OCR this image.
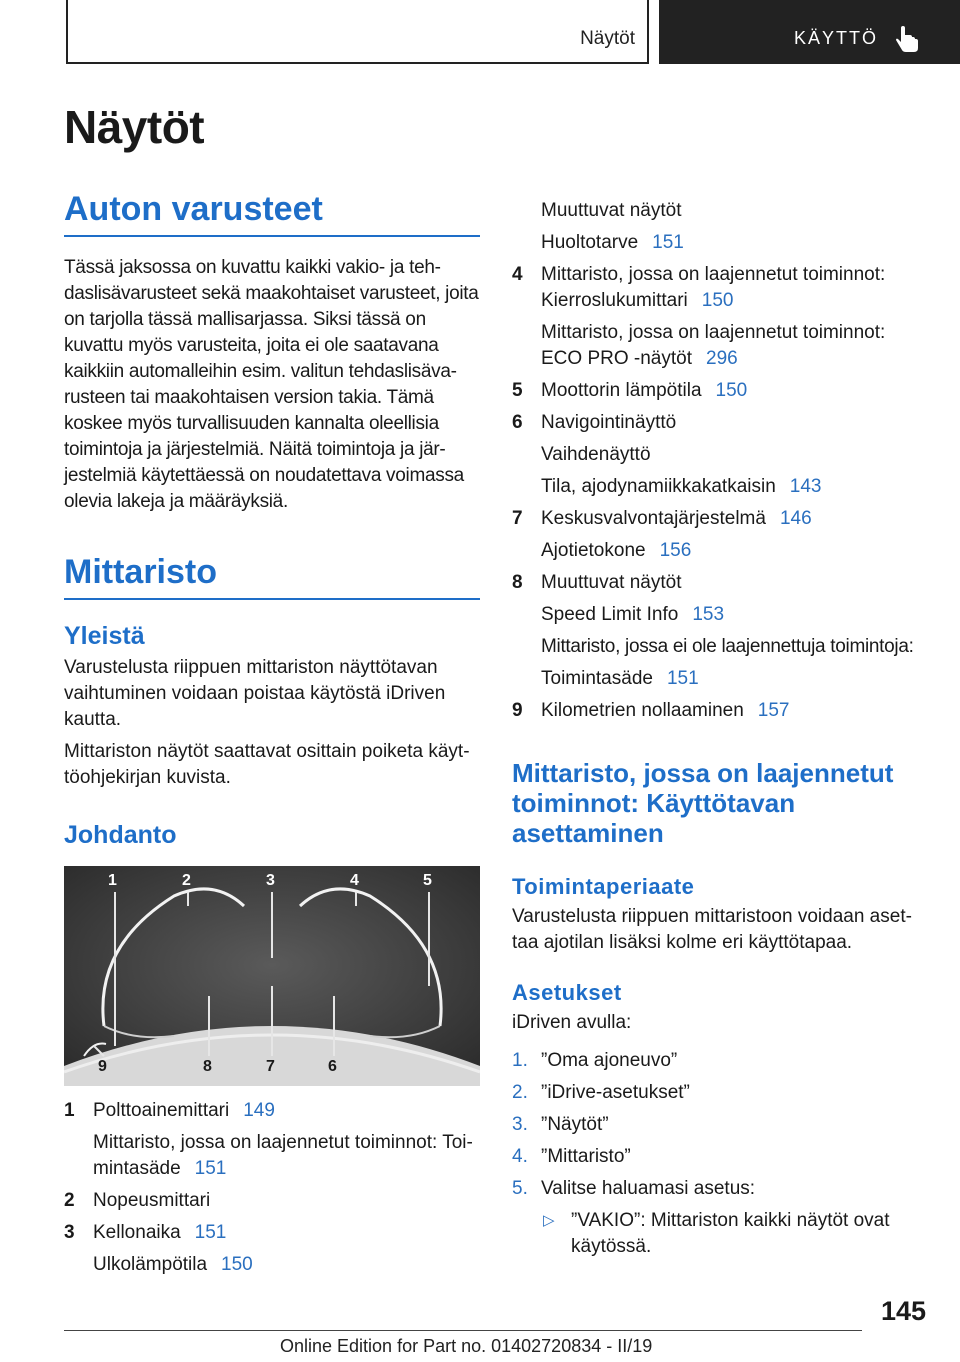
Näytöt	KÄYTTÖ
Näytöt
Auton varusteet

Tässä jaksossa on kuvattu kaikki vakio- ja tehdaslisävarusteet sekä maakohtaiset varusteet, joita on tarjolla tässä mallisarjassa. Siksi tässä on kuvattu myös varusteita, joita ei ole saatavana kaikkiin automalleihin esim. valitun tehdaslisävarusteen tai maakohtaisen version takia. Tämä koskee myös turvallisuuden kannalta oleellisia toimintoja ja järjestelmiä. Näitä toimintoja ja järjestelmiä käytettäessä on noudatettava voimassa olevia lakeja ja määräyksiä.

Mittaristo
Yleistä

Varustelusta riippuen mittariston näyttötavan vaihtuminen voidaan poistaa käytöstä iDriven kautta.

Mittariston näytöt saattavat osittain poiketa käyttöohjekirjan kuvista.

Johdanto
1	2	3	4	5
9	8	7	6
1 Polttoainemittari 149
Mittaristo, jossa on laajennetut toiminnot: Toimintasäde 151
2 Nopeusmittari
3 Kellonaika 151
Ulkolämpötila 150
Muuttuvat näytöt
Huoltotarve 151
4 Mittaristo, jossa on laajennetut toiminnot: Kierroslukumittari 150
Mittaristo, jossa on laajennetut toiminnot: ECO PRO -näytöt 296
5 Moottorin lämpötila 150
6 Navigointinäyttö
Vaihdenäyttö
Tila, ajodynamiikkakatkaisin 143
7 Keskusvalvontajärjestelmä 146
Ajotietokone 156
8 Muuttuvat näytöt
Speed Limit Info 153
Mittaristo, jossa ei ole laajennettuja toimintoja:
Toimintasäde 151
9 Kilometrien nollaaminen 157
Mittaristo, jossa on laajennetut toiminnot: Käyttötavan asettaminen
Toimintaperiaate

Varustelusta riippuen mittaristoon voidaan asettaa ajotilan lisäksi kolme eri käyttötapaa.

Asetukset

iDriven avulla:

1. ”Oma ajoneuvo”
2. ”iDrive-asetukset”
3. ”Näytöt”
4. ”Mittaristo”
5. Valitse haluamasi asetus:
▷ ”VAKIO”: Mittariston kaikki näytöt ovat käytössä.
145
Online Edition for Part no. 01402720834 - II/19
